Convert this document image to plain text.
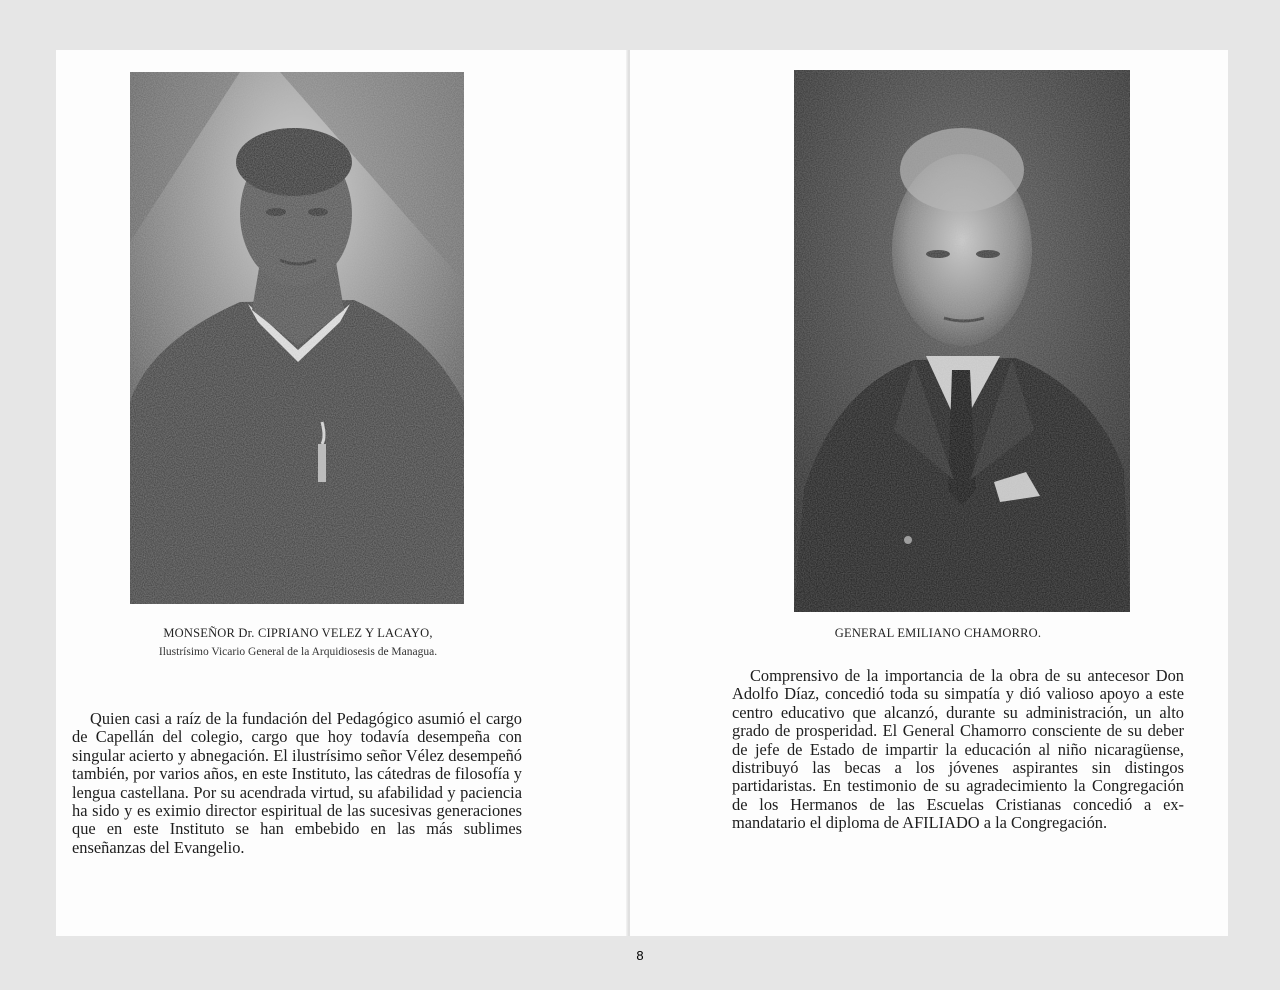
MONSEÑOR Dr. CIPRIANO VELEZ Y LACAYO,
Ilustrísimo Vicario General de la Arquidiosesis de Managua.

Quien casi a raíz de la fundación del Pedagógico asumió el cargo de Capellán del colegio, cargo que hoy todavía desempeña con singular acierto y abnegación. El ilustrísimo señor Vélez desempeñó también, por varios años, en este Instituto, las cátedras de filosofía y lengua castellana. Por su acendrada virtud, su afabilidad y paciencia ha sido y es eximio director espiritual de las sucesivas generaciones que en este Instituto se han embebido en las más sublimes enseñanzas del Evangelio.

GENERAL EMILIANO CHAMORRO.

Comprensivo de la importancia de la obra de su antecesor Don Adolfo Díaz, concedió toda su simpatía y dió valioso apoyo a este centro educativo que alcanzó, durante su administración, un alto grado de prosperidad. El General Chamorro consciente de su deber de jefe de Estado de impartir la educación al niño nicaragüense, distribuyó las becas a los jóvenes aspirantes sin distingos partidaristas. En testimonio de su agradecimiento la Congregación de los Hermanos de las Escuelas Cristianas concedió a ex-mandatario el diploma de AFILIADO a la Congregación.

8
